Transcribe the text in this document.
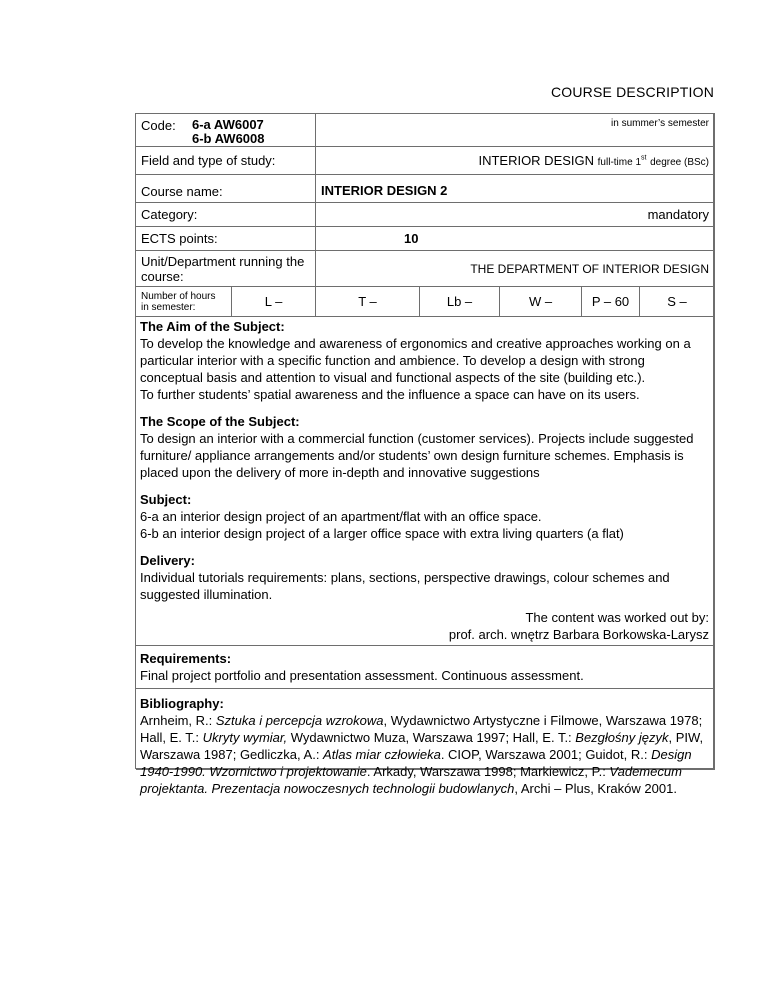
COURSE DESCRIPTION
Code: 6-a AW6007
6-b AW6008		in summer’s semester				
Field and type of study:		INTERIOR DESIGN full-time 1st degree (BSc)				
Course name:		INTERIOR DESIGN 2				
Category:		mandatory				
ECTS points:		10				
Unit/Department running the course:		THE DEPARTMENT OF INTERIOR DESIGN				
Number of hours in semester:	L –	T –	Lb –	W –	P – 60	S –
The Aim of the Subject:

To develop the knowledge and awareness of ergonomics and creative approaches working on a particular interior with a specific function and ambience. To develop a design with strong conceptual basis and attention to visual and functional aspects of the site (building etc.).

To further students’ spatial awareness and the influence a space can have on its users.

The Scope of the Subject:

To design an interior with a commercial function (customer services). Projects include suggested furniture/ appliance arrangements and/or students’ own design furniture schemes. Emphasis is placed upon the delivery of more in-depth and innovative suggestions

Subject:

6-a an interior design project of an apartment/flat with an office space.

6-b an interior design project of a larger office space with extra living quarters (a flat)

Delivery:

Individual tutorials requirements: plans, sections, perspective drawings, colour schemes and suggested illumination.

The content was worked out by:

prof. arch. wnętrz Barbara Borkowska-Larysz

Requirements:

Final project portfolio and presentation assessment. Continuous assessment.

Bibliography:

Arnheim, R.: Sztuka i percepcja wzrokowa, Wydawnictwo Artystyczne i Filmowe, Warszawa 1978; Hall, E. T.: Ukryty wymiar, Wydawnictwo Muza, Warszawa 1997; Hall, E. T.: Bezgłośny język, PIW, Warszawa 1987; Gedliczka, A.: Atlas miar człowieka. CIOP, Warszawa 2001; Guidot, R.: Design 1940-1990. Wzornictwo i projektowanie. Arkady, Warszawa 1998; Markiewicz, P.: Vademecum projektanta. Prezentacja nowoczesnych technologii budowlanych, Archi – Plus, Kraków 2001.
